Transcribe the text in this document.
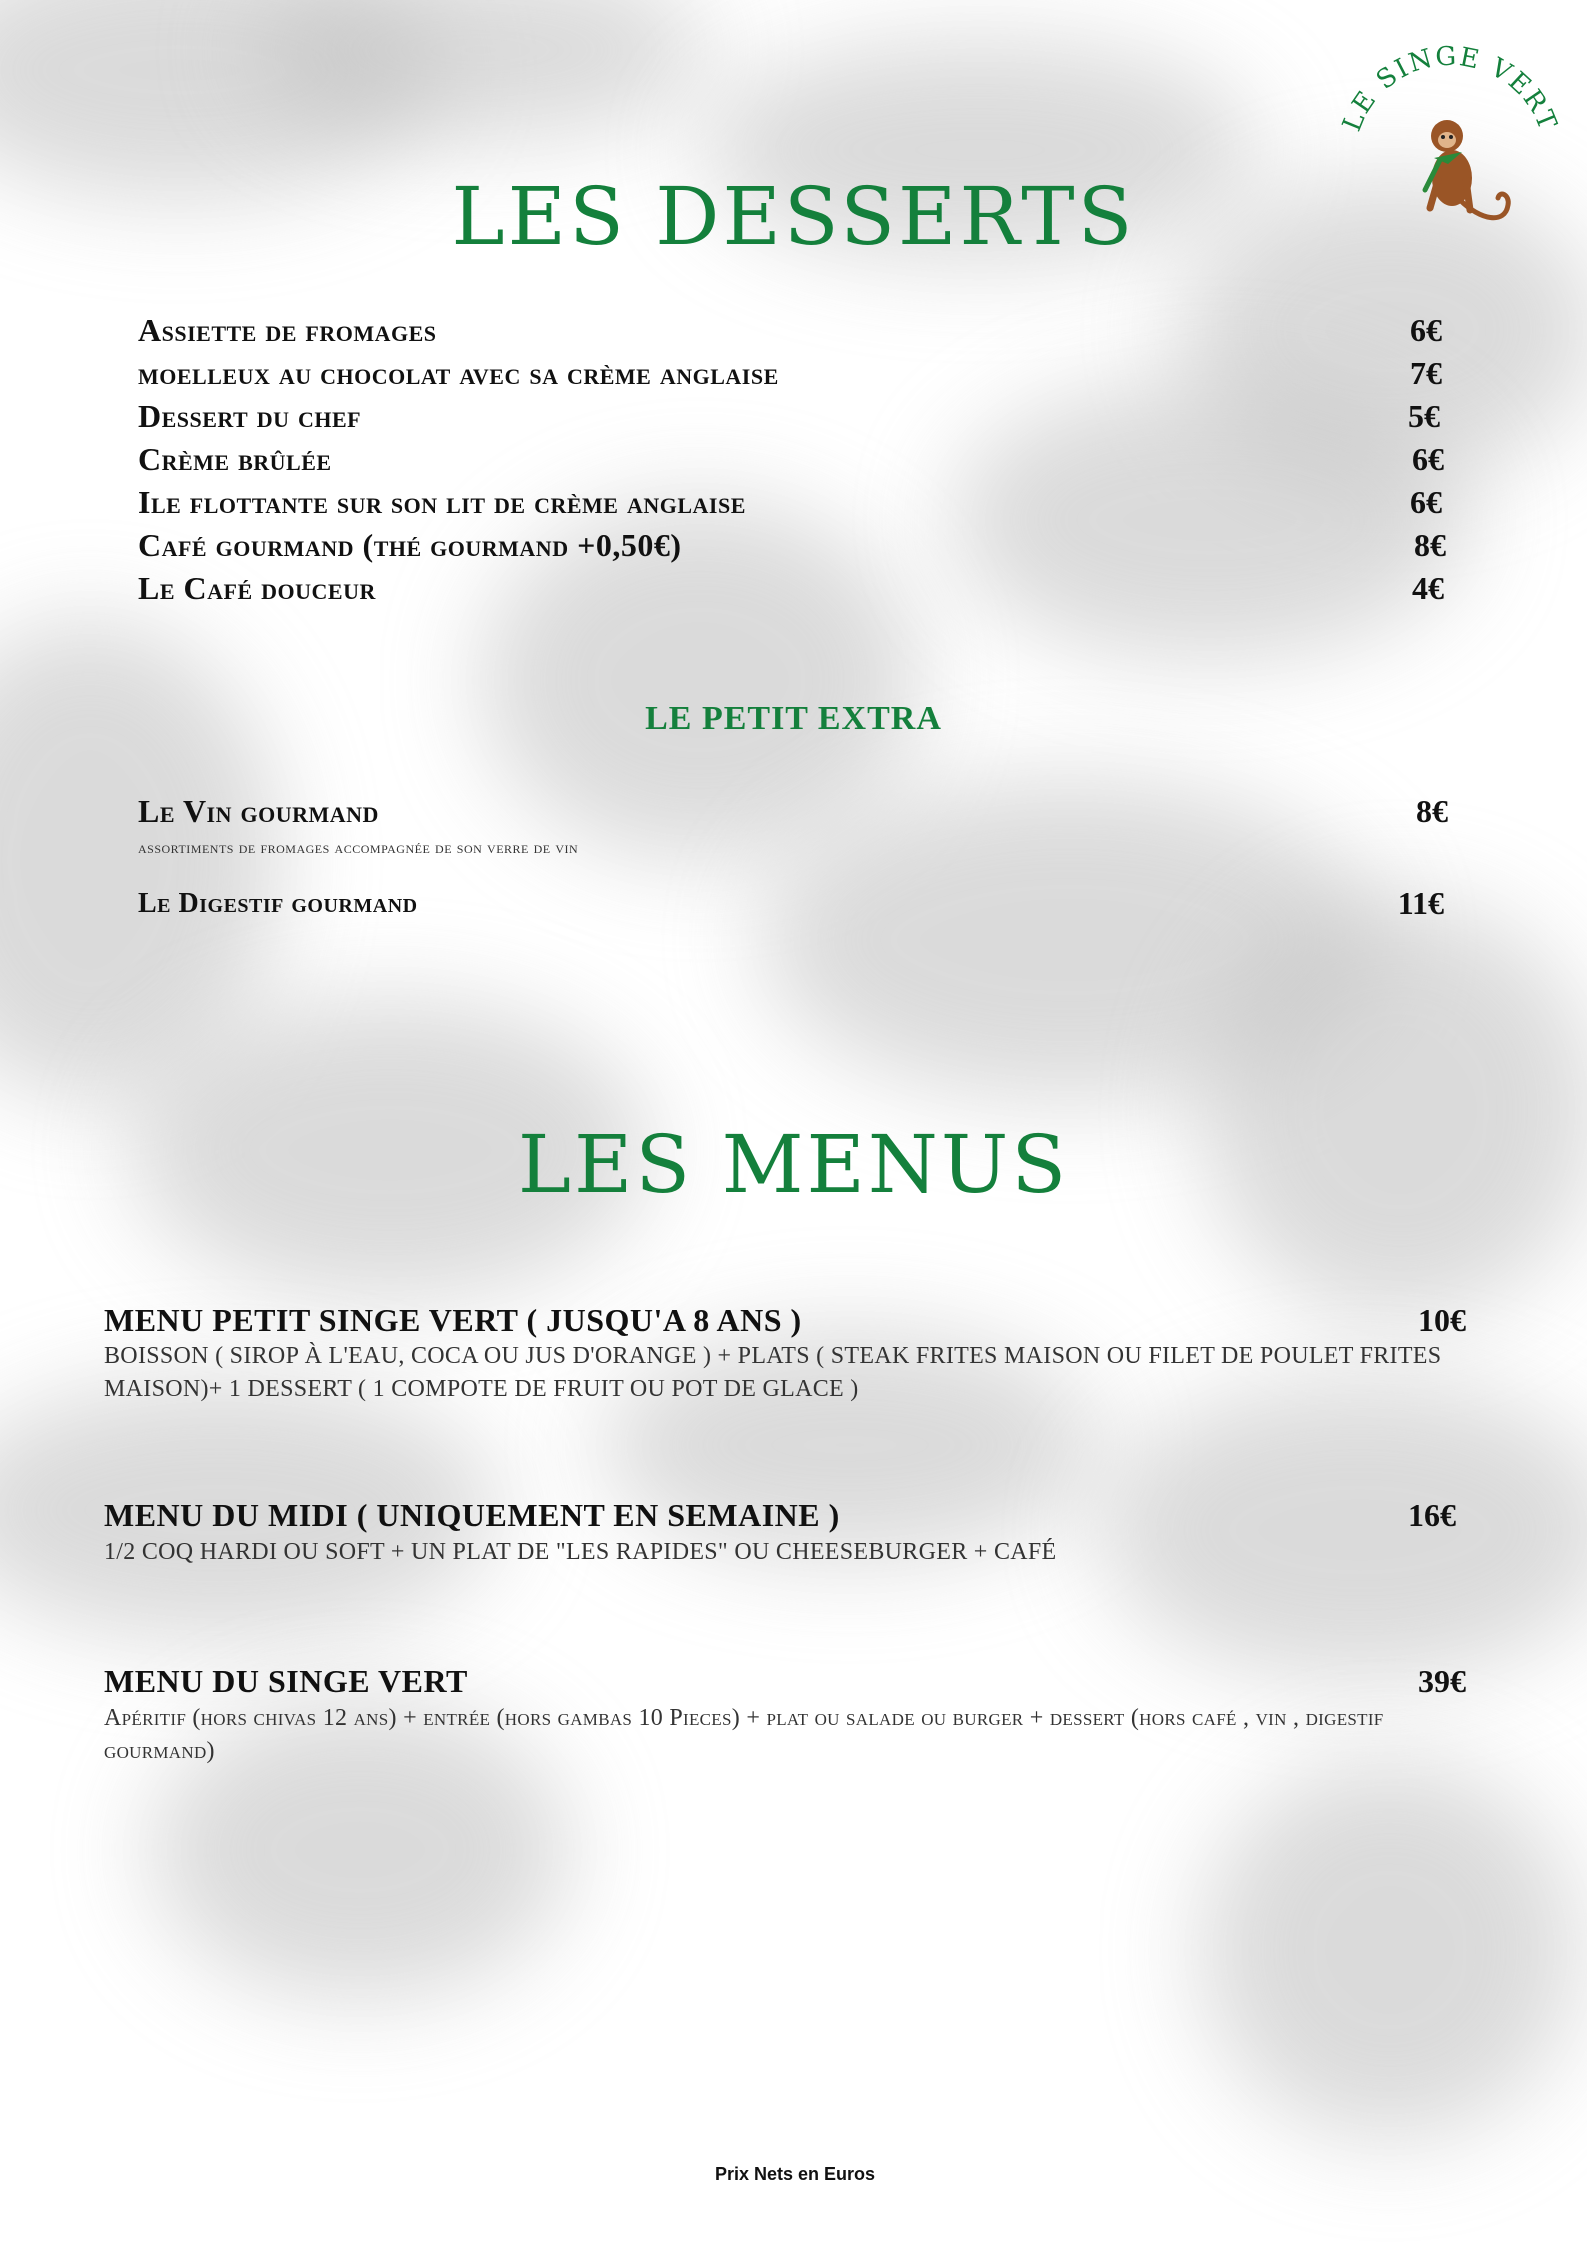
LE SINGE VERT
LES DESSERTS
Assiette de fromages	6€
moelleux au chocolat avec sa crème anglaise	7€
Dessert du chef	5€
Crème brûlée	6€
Ile flottante sur son lit de crème anglaise	6€
Café gourmand (thé gourmand +0,50€)	8€
Le Café douceur	4€
LE PETIT EXTRA
Le Vin gourmand	8€
assortiments de fromages accompagnée de son verre de vin
Le Digestif gourmand	11€
LES MENUS
MENU PETIT SINGE VERT ( JUSQU'A 8 ANS )	10€
BOISSON ( SIROP À L'EAU, COCA OU JUS D'ORANGE ) + PLATS ( STEAK FRITES MAISON OU FILET DE POULET FRITES MAISON)+ 1 DESSERT ( 1 COMPOTE DE FRUIT OU POT DE GLACE )
MENU DU MIDI ( UNIQUEMENT EN SEMAINE )	16€
1/2 COQ HARDI OU SOFT + UN PLAT DE "LES RAPIDES" OU CHEESEBURGER + CAFÉ
MENU DU SINGE VERT	39€
Apéritif (hors chivas 12 ans) + entrée (hors gambas 10 Pieces) + plat ou salade ou burger + dessert (hors café , vin , digestif gourmand)
Prix Nets en Euros
